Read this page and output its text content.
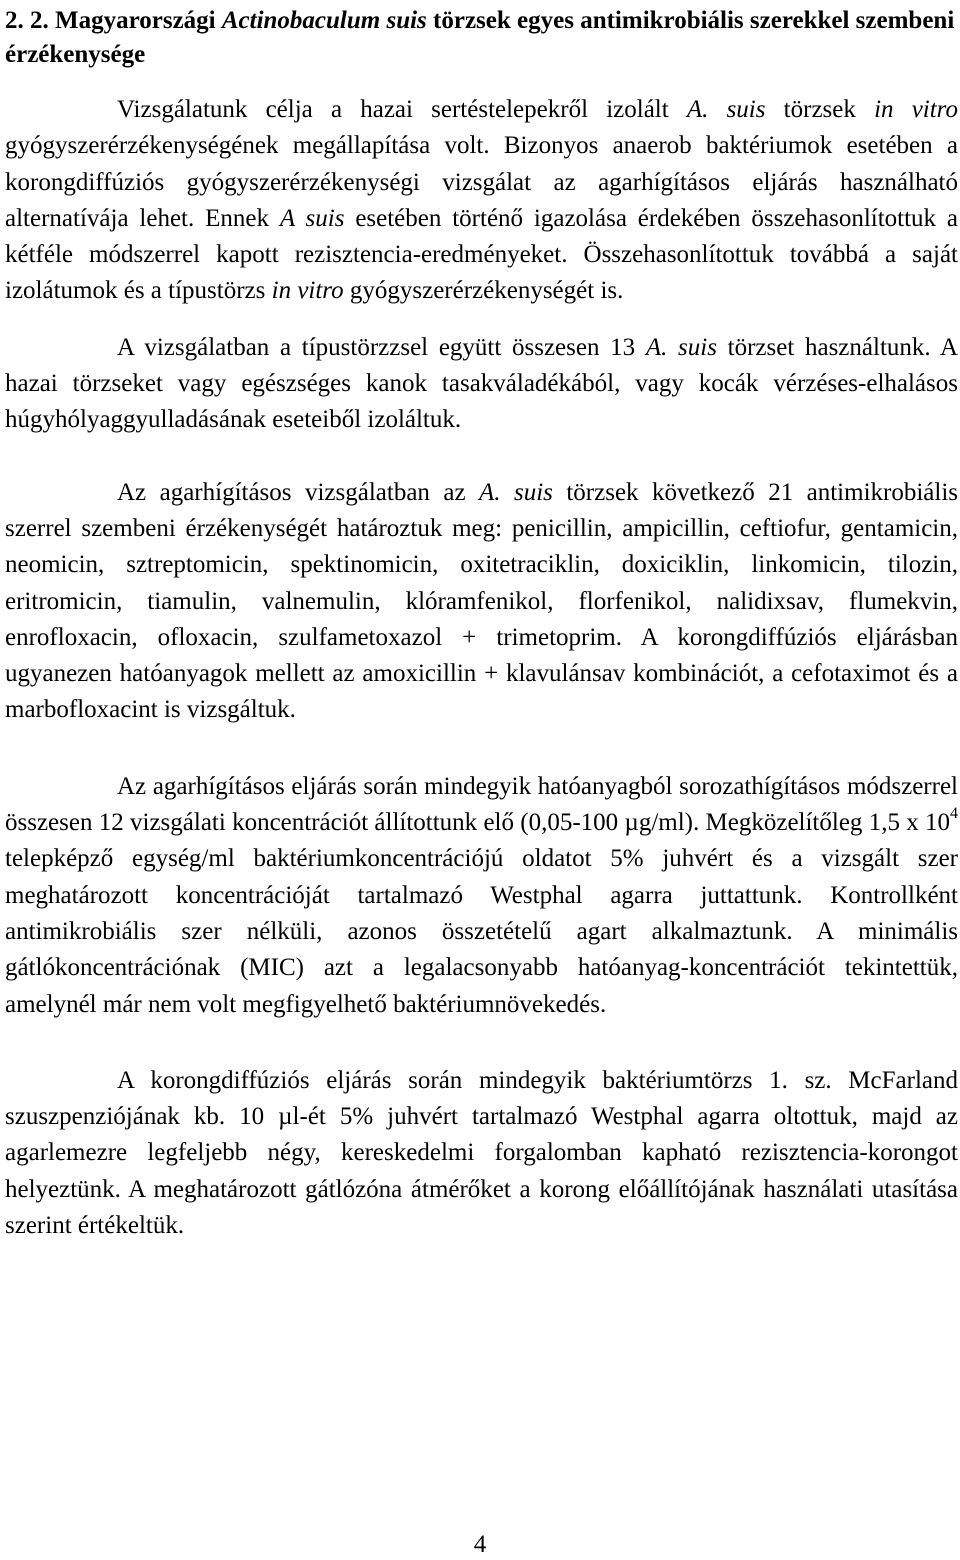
2. 2. Magyarországi Actinobaculum suis törzsek egyes antimikrobiális szerekkel szembeni érzékenysége

Vizsgálatunk célja a hazai sertéstelepekről izolált A. suis törzsek in vitro gyógyszerérzékenységének megállapítása volt. Bizonyos anaerob baktériumok esetében a korongdiffúziós gyógyszerérzékenységi vizsgálat az agarhígításos eljárás használható alternatívája lehet. Ennek A suis esetében történő igazolása érdekében összehasonlítottuk a kétféle módszerrel kapott rezisztencia-eredményeket. Összehasonlítottuk továbbá a saját izolátumok és a típustörzs in vitro gyógyszerérzékenységét is.

A vizsgálatban a típustörzzsel együtt összesen 13 A. suis törzset használtunk. A hazai törzseket vagy egészséges kanok tasakváladékából, vagy kocák vérzéses-elhalásos húgyhólyaggyulladásának eseteiből izoláltuk.

Az agarhígításos vizsgálatban az A. suis törzsek következő 21 antimikrobiális szerrel szembeni érzékenységét határoztuk meg: penicillin, ampicillin, ceftiofur, gentamicin, neomicin, sztreptomicin, spektinomicin, oxitetraciklin, doxiciklin, linkomicin, tilozin, eritromicin, tiamulin, valnemulin, klóramfenikol, florfenikol, nalidixsav, flumekvin, enrofloxacin, ofloxacin, szulfametoxazol + trimetoprim. A korongdiffúziós eljárásban ugyanezen hatóanyagok mellett az amoxicillin + klavulánsav kombinációt, a cefotaximot és a marbofloxacint is vizsgáltuk.

Az agarhígításos eljárás során mindegyik hatóanyagból sorozathígításos módszerrel összesen 12 vizsgálati koncentrációt állítottunk elő (0,05-100 µg/ml). Megközelítőleg 1,5 x $10^4$ telepképző egység/ml baktériumkoncentrációjú oldatot 5% juhvért és a vizsgált szer meghatározott koncentrációját tartalmazó Westphal agarra juttattunk. Kontrollként antimikrobiális szer nélküli, azonos összetételű agart alkalmaztunk. A minimális gátlókoncentrációnak (MIC) azt a legalacsonyabb hatóanyag-koncentrációt tekintettük, amelynél már nem volt megfigyelhető baktériumnövekedés.

A korongdiffúziós eljárás során mindegyik baktériumtörzs 1. sz. McFarland szuszpenziójának kb. 10 µl-ét 5% juhvért tartalmazó Westphal agarra oltottuk, majd az agarlemezre legfeljebb négy, kereskedelmi forgalomban kapható rezisztencia-korongot helyeztünk. A meghatározott gátlózóna átmérőket a korong előállítójának használati utasítása szerint értékeltük.

4
